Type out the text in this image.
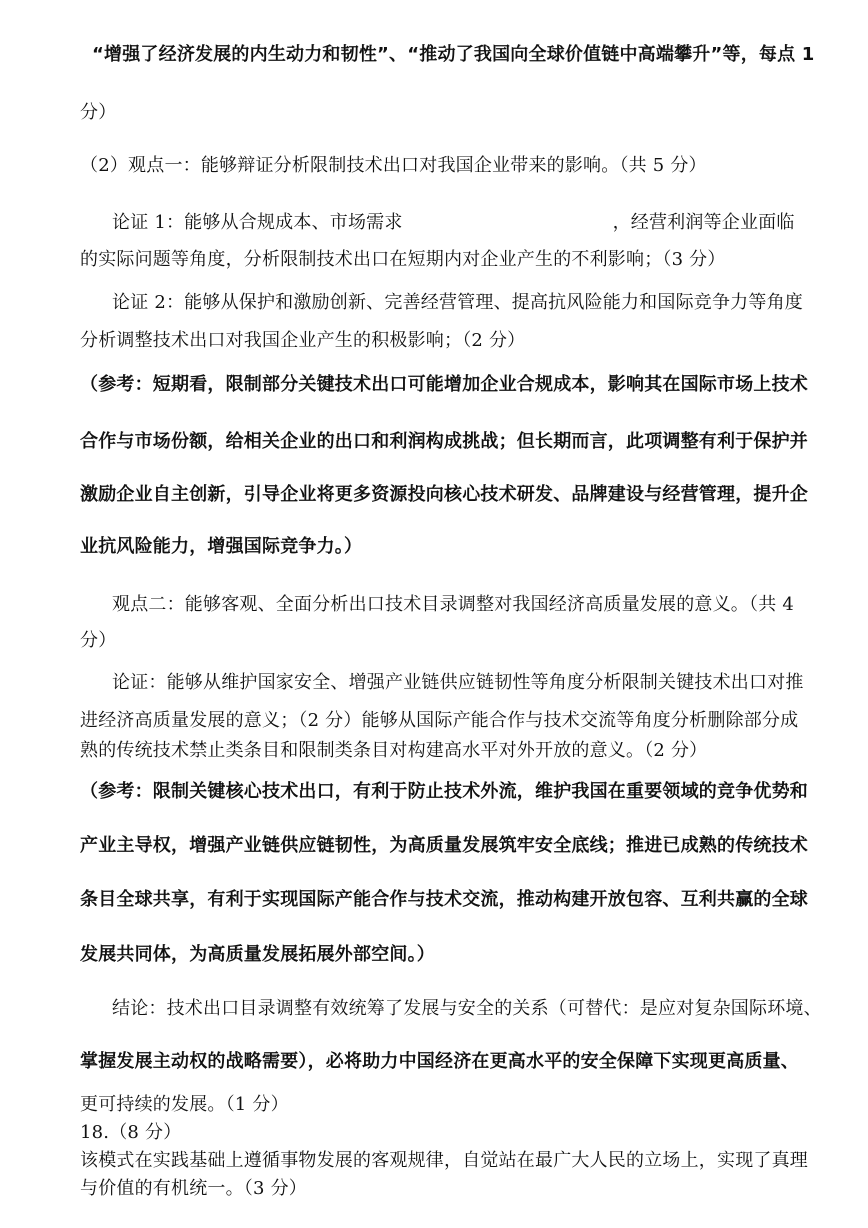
“增强了经济发展的内生动力和韧性”、“推动了我国向全球价值链中高端攀升”等，每点 1
分）
（2）观点一：能够辩证分析限制技术出口对我国企业带来的影响。（共 5 分）
论证 1：能够从合规成本、市场需求	，经营利润等企业面临
的实际问题等角度，分析限制技术出口在短期内对企业产生的不利影响；（3 分）
论证 2：能够从保护和激励创新、完善经营管理、提高抗风险能力和国际竞争力等角度
分析调整技术出口对我国企业产生的积极影响；（2 分）
（参考：短期看，限制部分关键技术出口可能增加企业合规成本，影响其在国际市场上技术
合作与市场份额，给相关企业的出口和利润构成挑战；但长期而言，此项调整有利于保护并
激励企业自主创新，引导企业将更多资源投向核心技术研发、品牌建设与经营管理，提升企
业抗风险能力，增强国际竞争力。）
观点二：能够客观、全面分析出口技术目录调整对我国经济高质量发展的意义。（共 4
分）
论证：能够从维护国家安全、增强产业链供应链韧性等角度分析限制关键技术出口对推
进经济高质量发展的意义；（2 分）能够从国际产能合作与技术交流等角度分析删除部分成
熟的传统技术禁止类条目和限制类条目对构建高水平对外开放的意义。（2 分）
（参考：限制关键核心技术出口，有利于防止技术外流，维护我国在重要领域的竞争优势和
产业主导权，增强产业链供应链韧性，为高质量发展筑牢安全底线；推进已成熟的传统技术
条目全球共享，有利于实现国际产能合作与技术交流，推动构建开放包容、互利共赢的全球
发展共同体，为高质量发展拓展外部空间。）
结论：技术出口目录调整有效统筹了发展与安全的关系（可替代：是应对复杂国际环境、
掌握发展主动权的战略需要），必将助力中国经济在更高水平的安全保障下实现更高质量、
更可持续的发展。（1 分）
18.（8 分）
该模式在实践基础上遵循事物发展的客观规律，自觉站在最广大人民的立场上，实现了真理
与价值的有机统一。（3 分）
